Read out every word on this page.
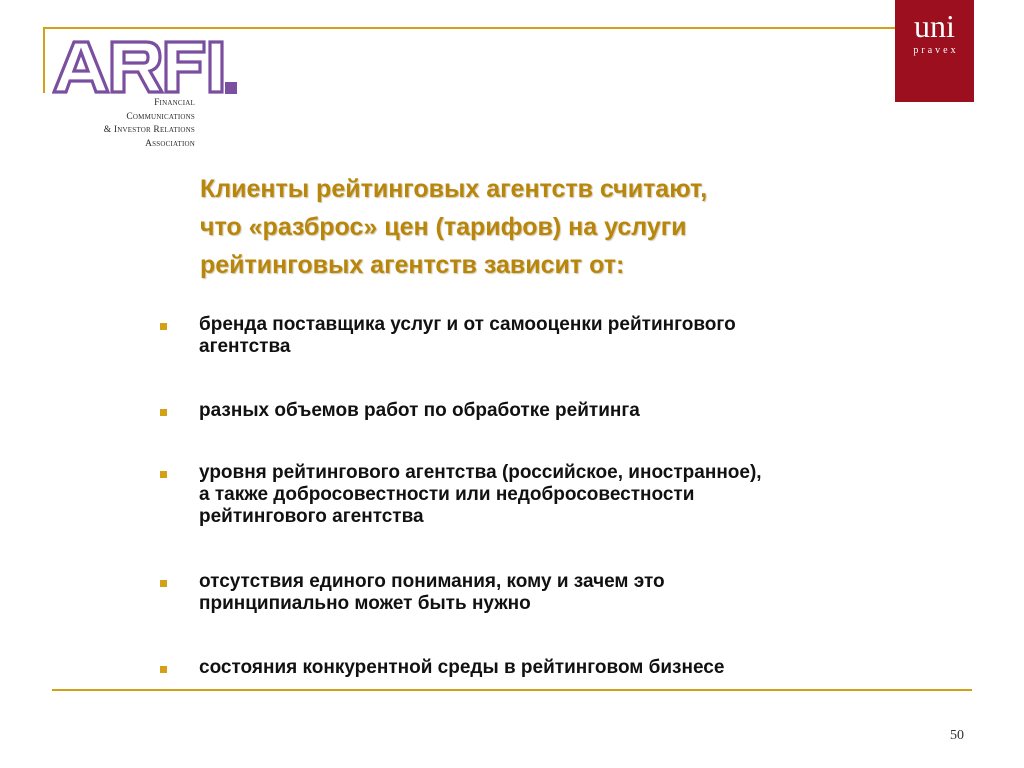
Financial
Communications
& Investor Relations
Association
uni
pravex
Клиенты рейтинговых агентств считают,
что «разброс» цен (тарифов) на услуги
рейтинговых агентств зависит от:
бренда поставщика услуг и от самооценки рейтингового
агентства
разных объемов работ по обработке рейтинга
уровня рейтингового агентства (российское, иностранное),
а также добросовестности или недобросовестности
рейтингового агентства
отсутствия единого понимания, кому и зачем это
принципиально может быть нужно
состояния конкурентной среды в рейтинговом бизнесе
50
